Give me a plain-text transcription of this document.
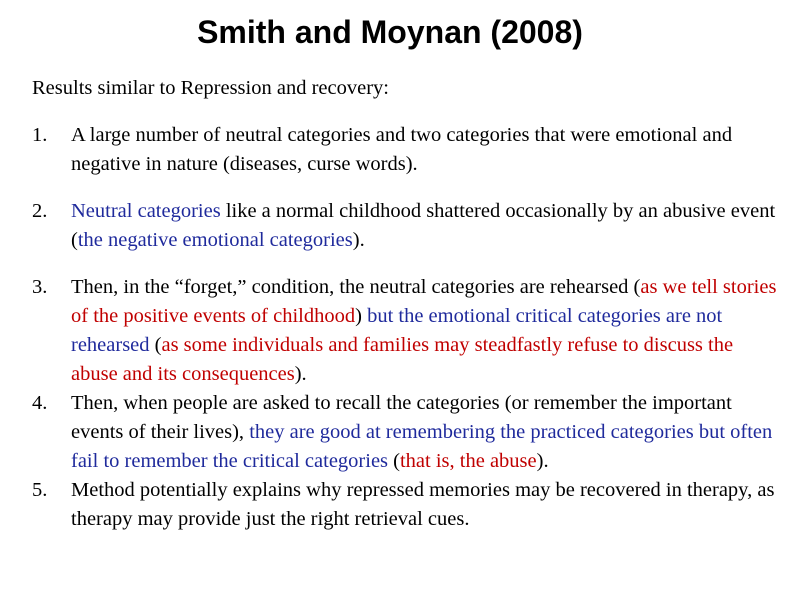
Smith and Moynan (2008)

Results similar to Repression and recovery:

1. A large number of neutral categories and two categories that were emotional and negative in nature (diseases, curse words).
2. Neutral categories like a normal childhood shattered occasionally by an abusive event (the negative emotional categories).
3. Then, in the “forget,” condition, the neutral categories are rehearsed (as we tell stories of the positive events of childhood) but the emotional critical categories are not rehearsed (as some individuals and families may steadfastly refuse to discuss the abuse and its consequences).
4. Then, when people are asked to recall the categories (or remember the important events of their lives), they are good at remembering the practiced categories but often fail to remember the critical categories (that is, the abuse).
5. Method potentially explains why repressed memories may be recovered in therapy, as therapy may provide just the right retrieval cues.
